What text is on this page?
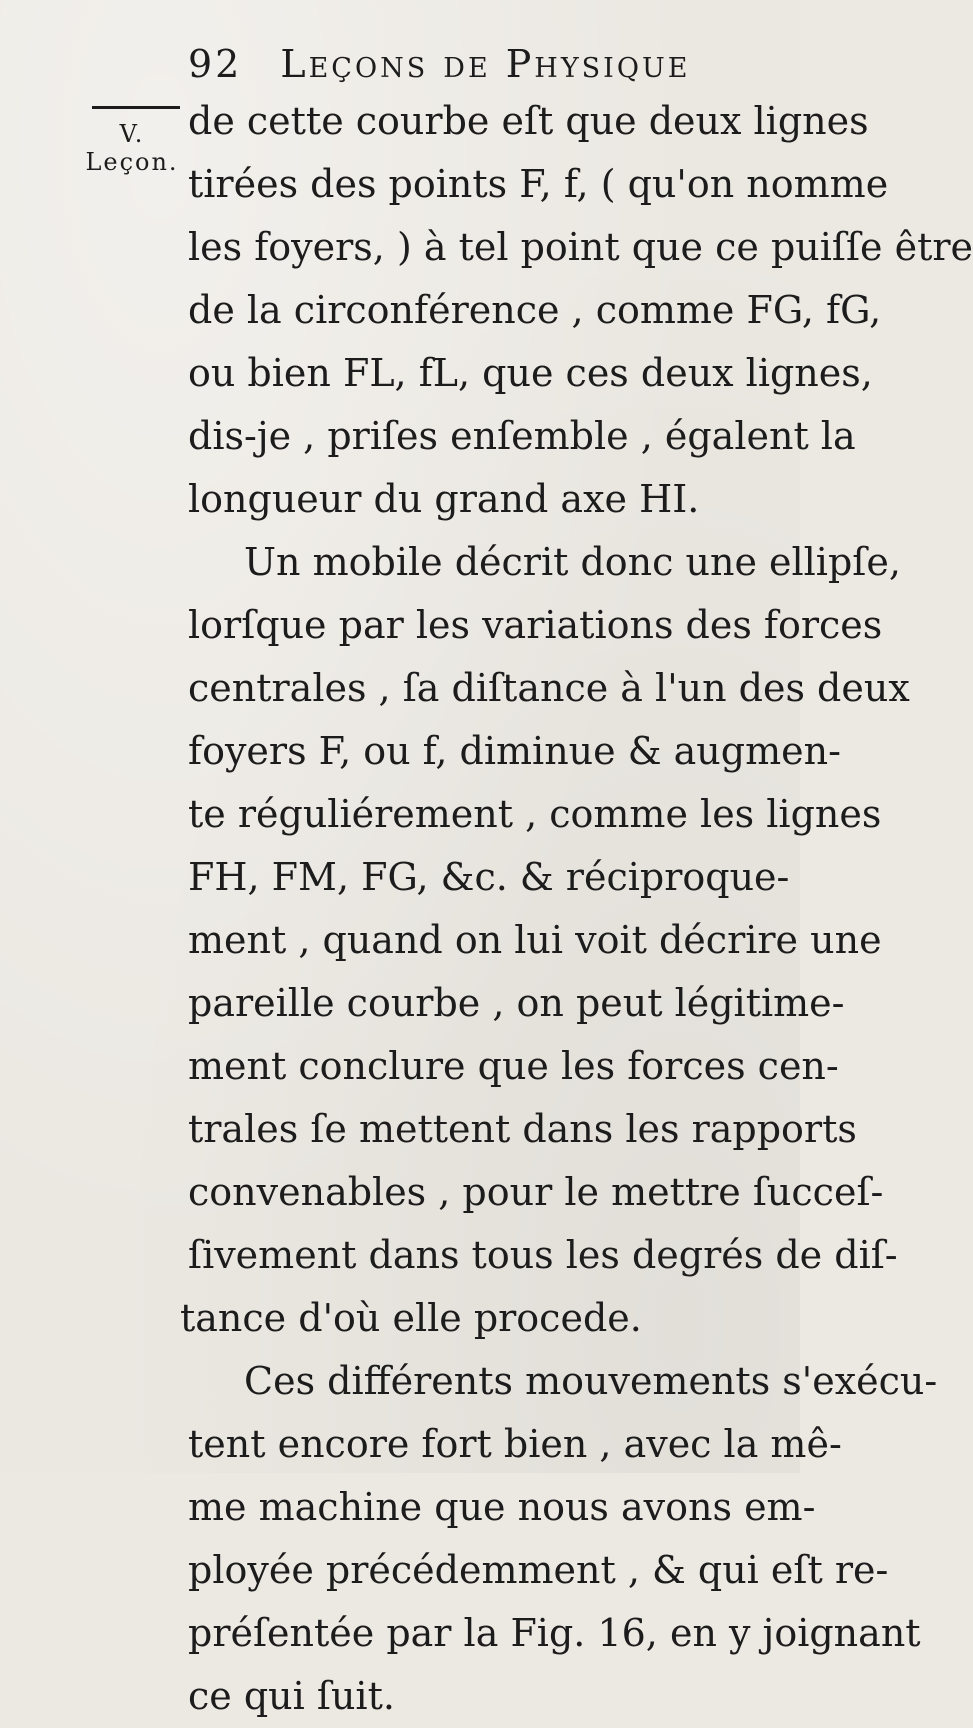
92 Leçons de Physique
V.
Leçon.
de cette courbe eſt que deux lignes
tirées des points F, f, ( qu'on nomme
les foyers, ) à tel point que ce puiſſe être
de la circonférence , comme FG, fG,
ou bien FL, fL, que ces deux lignes,
dis-je , priſes enſemble , égalent la
longueur du grand axe HI.
Un mobile décrit donc une ellipſe,
lorſque par les variations des forces
centrales , ſa diſtance à l'un des deux
foyers F, ou f, diminue & augmen-
te réguliérement , comme les lignes
FH, FM, FG, &c. & réciproque-
ment , quand on lui voit décrire une
pareille courbe , on peut légitime-
ment conclure que les forces cen-
trales ſe mettent dans les rapports
convenables , pour le mettre ſucceſ-
ſivement dans tous les degrés de diſ-
tance d'où elle procede.
Ces différents mouvements s'exécu-
tent encore fort bien , avec la mê-
me machine que nous avons em-
ployée précédemment , & qui eſt re-
préſentée par la Fig. 16, en y joignant
ce qui ſuit.
